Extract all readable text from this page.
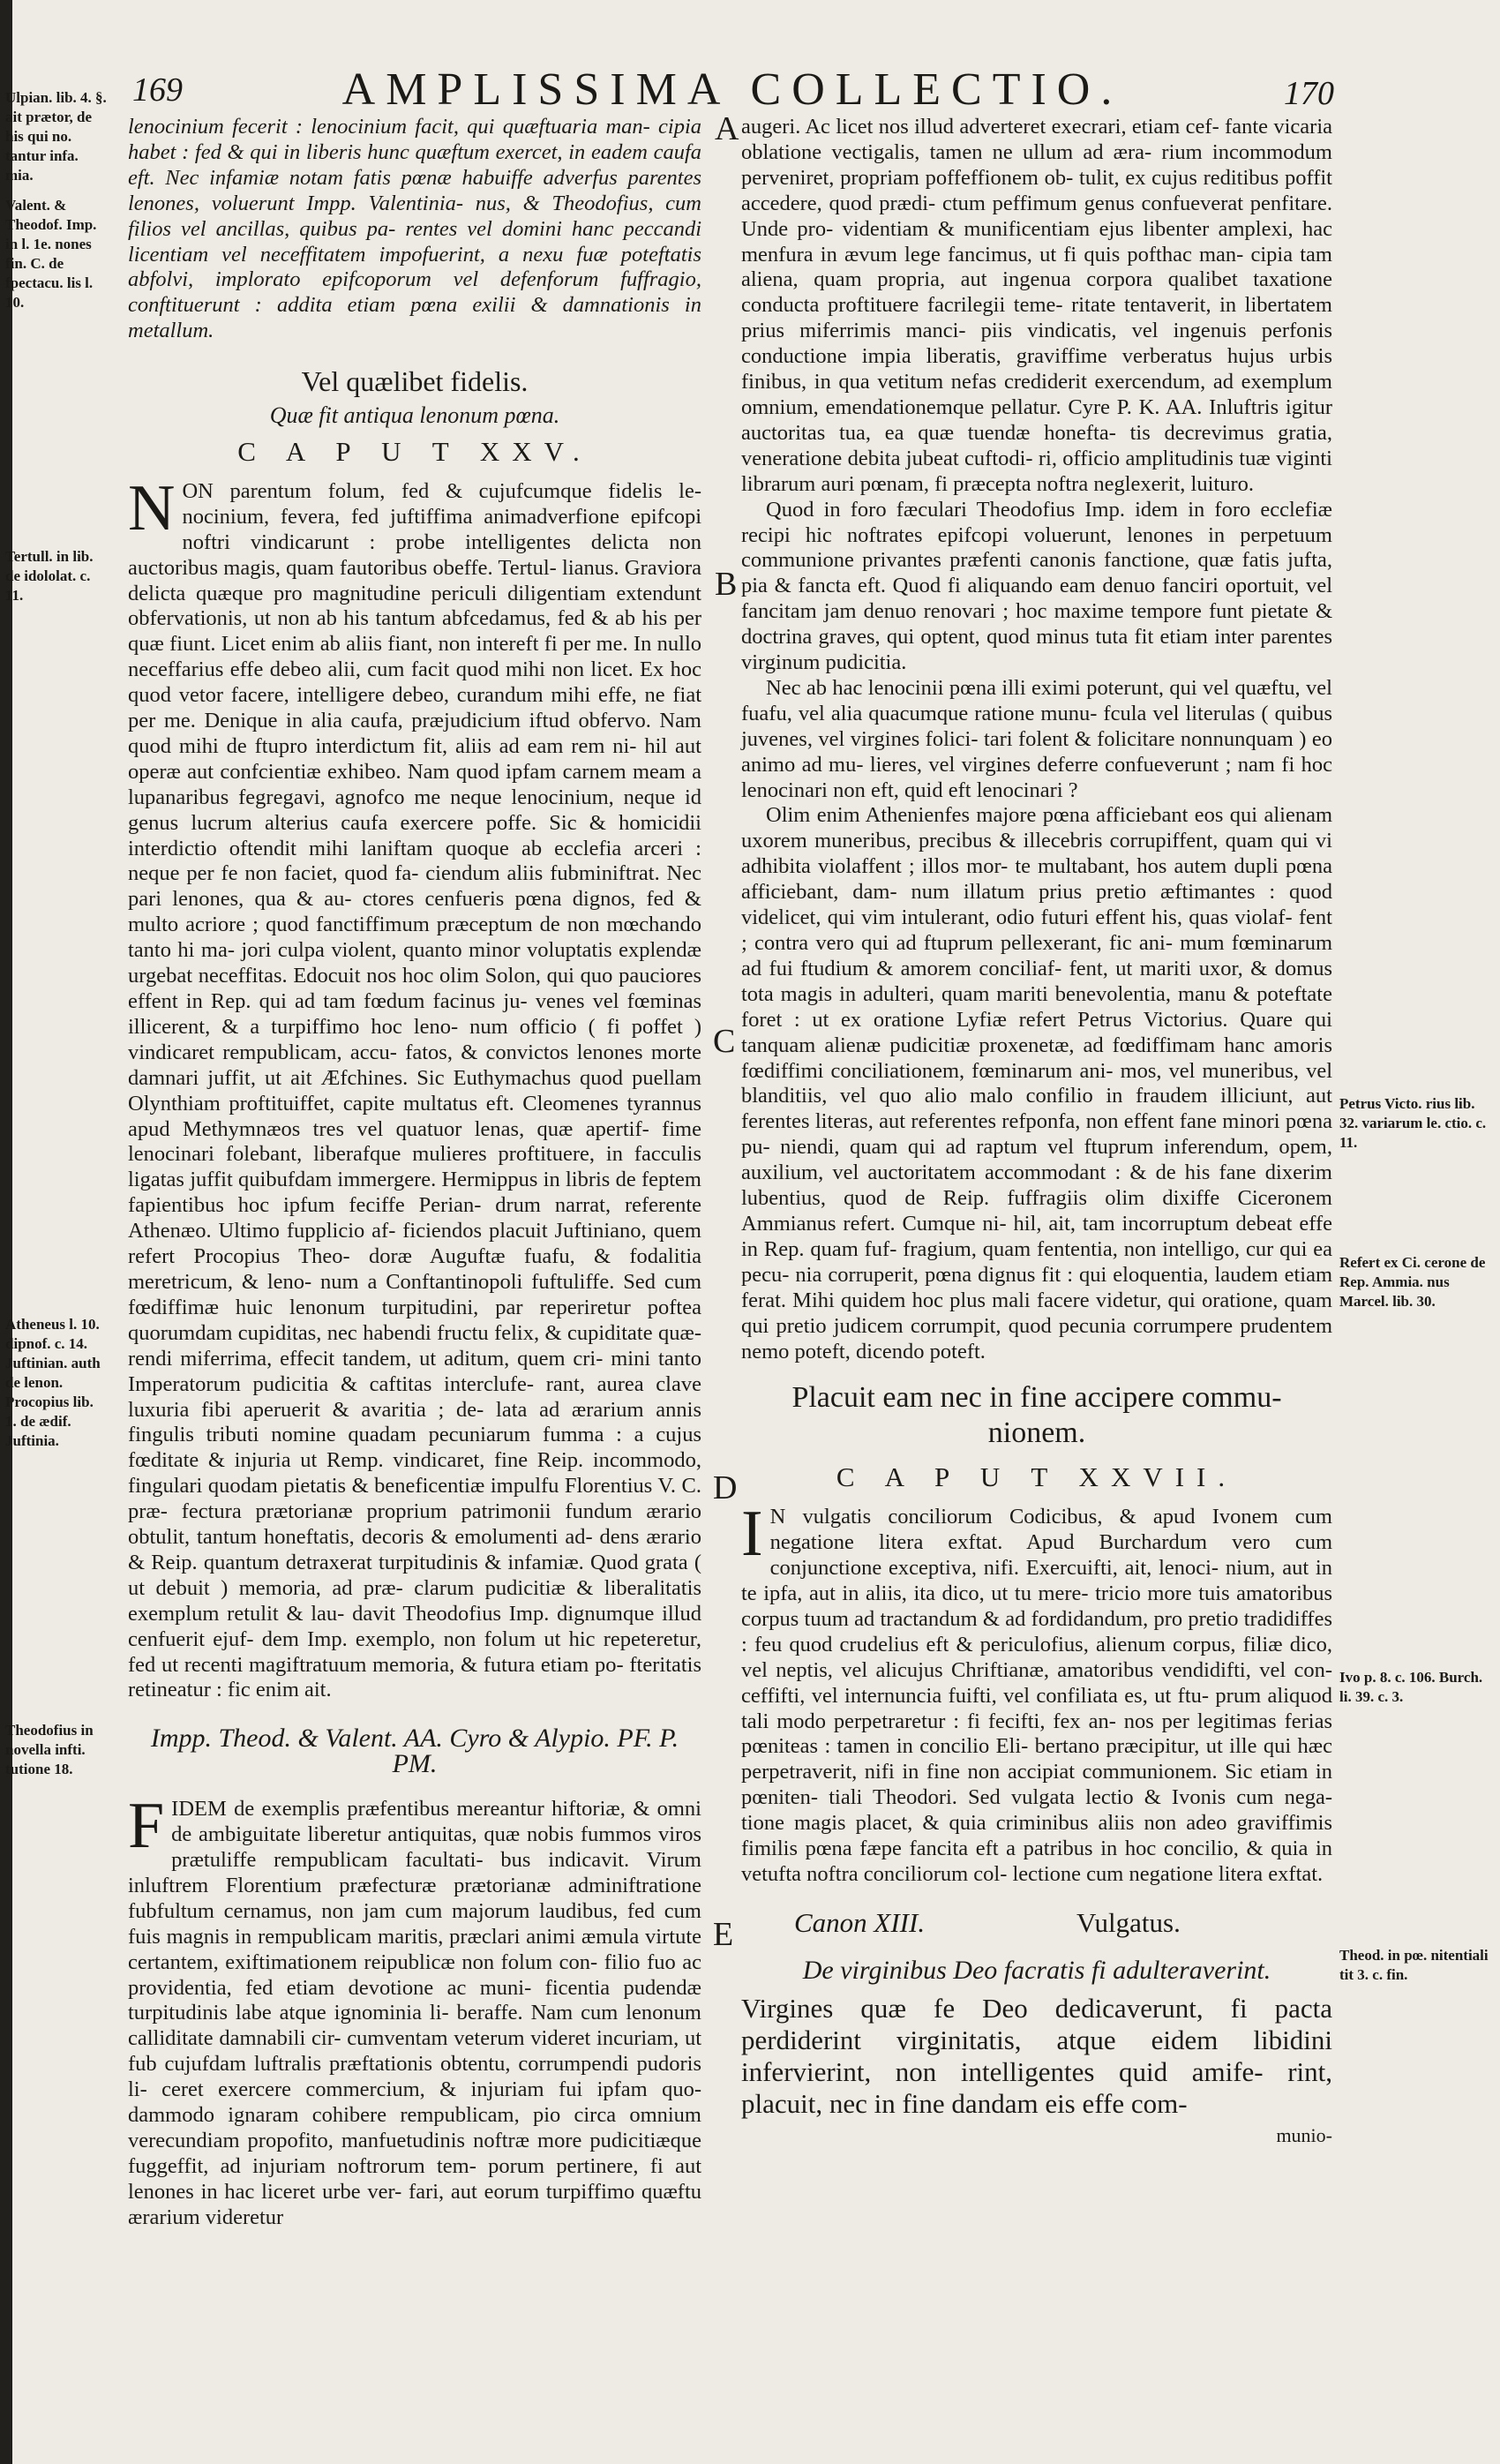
169	AMPLISSIMA COLLECTIO.	170
Ulpian. lib. 4. §. ait prætor, de his qui no. tantur infa. mia.
Valent. & Theodof. Imp. in l. 1e. nones fin. C. de fpectacu. lis l. 10.
Tertull. in lib. de idololat. c. 11.
Atheneus l. 10. dipnof. c. 14. Juftinian. auth de lenon. Procopius lib. 1. de ædif. Juftinia.
Theodofius in novella infti. tutione 18.
Petrus Victo. rius lib. 32. variarum le. ctio. c. 11.
Refert ex Ci. cerone de Rep. Ammia. nus Marcel. lib. 30.
Ivo p. 8. c. 106. Burch. li. 39. c. 3.
Theod. in pœ. nitentiali tit 3. c. fin.
A
B
C
D
E

lenocinium fecerit : lenocinium facit, qui quæftuaria man- cipia habet : fed & qui in liberis hunc quæftum exercet, in eadem caufa eft. Nec infamiæ notam fatis pœnæ habuiffe adverfus parentes lenones, voluerunt Impp. Valentinia- nus, & Theodofius, cum filios vel ancillas, quibus pa- rentes vel domini hanc peccandi licentiam vel neceffitatem impofuerint, a nexu fuæ poteftatis abfolvi, implorato epifcoporum vel defenforum fuffragio, conftituerunt : addita etiam pœna exilii & damnationis in metallum.

Vel quælibet fidelis.
Quæ fit antiqua lenonum pœna.
C A P U T XXV.

NON parentum folum, fed & cujufcumque fidelis le- nocinium, fevera, fed juftiffima animadverfione epifcopi noftri vindicarunt : probe intelligentes delicta non auctoribus magis, quam fautoribus obeffe. Tertul- lianus. Graviora delicta quæque pro magnitudine periculi diligentiam extendunt obfervationis, ut non ab his tantum abfcedamus, fed & ab his per quæ fiunt. Licet enim ab aliis fiant, non intereft fi per me. In nullo neceffarius effe debeo alii, cum facit quod mihi non licet. Ex hoc quod vetor facere, intelligere debeo, curandum mihi effe, ne fiat per me. Denique in alia caufa, præjudicium iftud obfervo. Nam quod mihi de ftupro interdictum fit, aliis ad eam rem ni- hil aut operæ aut confcientiæ exhibeo. Nam quod ipfam carnem meam a lupanaribus fegregavi, agnofco me neque lenocinium, neque id genus lucrum alterius caufa exercere poffe. Sic & homicidii interdictio oftendit mihi laniftam quoque ab ecclefia arceri : neque per fe non faciet, quod fa- ciendum aliis fubminiftrat. Nec pari lenones, qua & au- ctores cenfueris pœna dignos, fed & multo acriore ; quod fanctiffimum præceptum de non mœchando tanto hi ma- jori culpa violent, quanto minor voluptatis explendæ urgebat neceffitas. Edocuit nos hoc olim Solon, qui quo pauciores effent in Rep. qui ad tam fœdum facinus ju- venes vel fœminas illicerent, & a turpiffimo hoc leno- num officio ( fi poffet ) vindicaret rempublicam, accu- fatos, & convictos lenones morte damnari juffit, ut ait Æfchines. Sic Euthymachus quod puellam Olynthiam proftituiffet, capite multatus eft. Cleomenes tyrannus apud Methymnæos tres vel quatuor lenas, quæ apertif- fime lenocinari folebant, liberafque mulieres proftituere, in facculis ligatas juffit quibufdam immergere. Hermippus in libris de feptem fapientibus hoc ipfum feciffe Perian- drum narrat, referente Athenæo. Ultimo fupplicio af- ficiendos placuit Juftiniano, quem refert Procopius Theo- doræ Auguftæ fuafu, & fodalitia meretricum, & leno- num a Conftantinopoli fuftuliffe. Sed cum fœdiffimæ huic lenonum turpitudini, par reperiretur poftea quorumdam cupiditas, nec habendi fructu felix, & cupiditate quæ- rendi miferrima, effecit tandem, ut aditum, quem cri- mini tanto Imperatorum pudicitia & caftitas interclufe- rant, aurea clave luxuria fibi aperuerit & avaritia ; de- lata ad ærarium annis fingulis tributi nomine quadam pecuniarum fumma : a cujus fœditate & injuria ut Remp. vindicaret, fine Reip. incommodo, fingulari quodam pietatis & beneficentiæ impulfu Florentius V. C. præ- fectura prætorianæ proprium patrimonii fundum ærario obtulit, tantum honeftatis, decoris & emolumenti ad- dens ærario & Reip. quantum detraxerat turpitudinis & infamiæ. Quod grata ( ut debuit ) memoria, ad præ- clarum pudicitiæ & liberalitatis exemplum retulit & lau- davit Theodofius Imp. dignumque illud cenfuerit ejuf- dem Imp. exemplo, non folum ut hic repeteretur, fed ut recenti magiftratuum memoria, & futura etiam po- fteritatis retineatur : fic enim ait.

Impp. Theod. & Valent. AA. Cyro & Alypio. PF. P. PM.

FIDEM de exemplis præfentibus mereantur hiftoriæ, & omni de ambiguitate liberetur antiquitas, quæ nobis fummos viros prætuliffe rempublicam facultati- bus indicavit. Virum inluftrem Florentium præfecturæ prætorianæ adminiftratione fubfultum cernamus, non jam cum majorum laudibus, fed cum fuis magnis in rempublicam maritis, præclari animi æmula virtute certantem, exiftimationem reipublicæ non folum con- filio fuo ac providentia, fed etiam devotione ac muni- ficentia pudendæ turpitudinis labe atque ignominia li- beraffe. Nam cum lenonum calliditate damnabili cir- cumventam veterum videret incuriam, ut fub cujufdam luftralis præftationis obtentu, corrumpendi pudoris li- ceret exercere commercium, & injuriam fui ipfam quo- dammodo ignaram cohibere rempublicam, pio circa omnium verecundiam propofito, manfuetudinis noftræ more pudicitiæque fuggeffit, ad injuriam noftrorum tem- porum pertinere, fi aut lenones in hac liceret urbe ver- fari, aut eorum turpiffimo quæftu ærarium videretur

augeri. Ac licet nos illud adverteret execrari, etiam cef- fante vicaria oblatione vectigalis, tamen ne ullum ad æra- rium incommodum perveniret, propriam poffeffionem ob- tulit, ex cujus reditibus poffit accedere, quod prædi- ctum peffimum genus confueverat penfitare. Unde pro- videntiam & munificentiam ejus libenter amplexi, hac menfura in ævum lege fancimus, ut fi quis pofthac man- cipia tam aliena, quam propria, aut ingenua corpora qualibet taxatione conducta proftituere facrilegii teme- ritate tentaverit, in libertatem prius miferrimis manci- piis vindicatis, vel ingenuis perfonis conductione impia liberatis, graviffime verberatus hujus urbis finibus, in qua vetitum nefas crediderit exercendum, ad exemplum omnium, emendationemque pellatur. Cyre P. K. AA. Inluftris igitur auctoritas tua, ea quæ tuendæ honefta- tis decrevimus gratia, veneratione debita jubeat cuftodi- ri, officio amplitudinis tuæ viginti librarum auri pœnam, fi præcepta noftra neglexerit, luituro.

Quod in foro fæculari Theodofius Imp. idem in foro ecclefiæ recipi hic noftrates epifcopi voluerunt, lenones in perpetuum communione privantes præfenti canonis fanctione, quæ fatis jufta, pia & fancta eft. Quod fi aliquando eam denuo fanciri oportuit, vel fancitam jam denuo renovari ; hoc maxime tempore funt pietate & doctrina graves, qui optent, quod minus tuta fit etiam inter parentes virginum pudicitia.

Nec ab hac lenocinii pœna illi eximi poterunt, qui vel quæftu, vel fuafu, vel alia quacumque ratione munu- fcula vel literulas ( quibus juvenes, vel virgines folici- tari folent & folicitare nonnunquam ) eo animo ad mu- lieres, vel virgines deferre confueverunt ; nam fi hoc lenocinari non eft, quid eft lenocinari ?

Olim enim Athenienfes majore pœna afficiebant eos qui alienam uxorem muneribus, precibus & illecebris corrupiffent, quam qui vi adhibita violaffent ; illos mor- te multabant, hos autem dupli pœna afficiebant, dam- num illatum prius pretio æftimantes : quod videlicet, qui vim intulerant, odio futuri effent his, quas violaf- fent ; contra vero qui ad ftuprum pellexerant, fic ani- mum fœminarum ad fui ftudium & amorem conciliaf- fent, ut mariti uxor, & domus tota magis in adulteri, quam mariti benevolentia, manu & poteftate foret : ut ex oratione Lyfiæ refert Petrus Victorius. Quare qui tanquam alienæ pudicitiæ proxenetæ, ad fœdiffimam hanc amoris fœdiffimi conciliationem, fœminarum ani- mos, vel muneribus, vel blanditiis, vel quo alio malo confilio in fraudem illiciunt, aut ferentes literas, aut referentes refponfa, non effent fane minori pœna pu- niendi, quam qui ad raptum vel ftuprum inferendum, opem, auxilium, vel auctoritatem accommodant : & de his fane dixerim lubentius, quod de Reip. fuffragiis olim dixiffe Ciceronem Ammianus refert. Cumque ni- hil, ait, tam incorruptum debeat effe in Rep. quam fuf- fragium, quam fententia, non intelligo, cur qui ea pecu- nia corruperit, pœna dignus fit : qui eloquentia, laudem etiam ferat. Mihi quidem hoc plus mali facere videtur, qui oratione, quam qui pretio judicem corrumpit, quod pecunia corrumpere prudentem nemo poteft, dicendo poteft.

Placuit eam nec in fine accipere commu- nionem.
C A P U T XXVII.

I N vulgatis conciliorum Codicibus, & apud Ivonem cum negatione litera exftat. Apud Burchardum vero cum conjunctione exceptiva, nifi. Exercuifti, ait, lenoci- nium, aut in te ipfa, aut in aliis, ita dico, ut tu mere- tricio more tuis amatoribus corpus tuum ad tractandum & ad fordidandum, pro pretio tradidiffes : feu quod crudelius eft & periculofius, alienum corpus, filiæ dico, vel neptis, vel alicujus Chriftianæ, amatoribus vendidifti, vel con- ceffifti, vel internuncia fuifti, vel confiliata es, ut ftu- prum aliquod tali modo perpetraretur : fi fecifti, fex an- nos per legitimas ferias pœniteas : tamen in concilio Eli- bertano præcipitur, ut ille qui hæc perpetraverit, nifi in fine non accipiat communionem. Sic etiam in pœniten- tiali Theodori. Sed vulgata lectio & Ivonis cum nega- tione magis placet, & quia criminibus aliis non adeo graviffimis fimilis pœna fæpe fancita eft a patribus in hoc concilio, & quia in vetufta noftra conciliorum col- lectione cum negatione litera exftat.

Canon XIII.	Vulgatus.
De virginibus Deo facratis fi adulteraverint.

Virgines quæ fe Deo dedicaverunt, fi pacta perdiderint virginitatis, atque eidem libidini infervierint, non intelligentes quid amife- rint, placuit, nec in fine dandam eis effe com-

munio-
